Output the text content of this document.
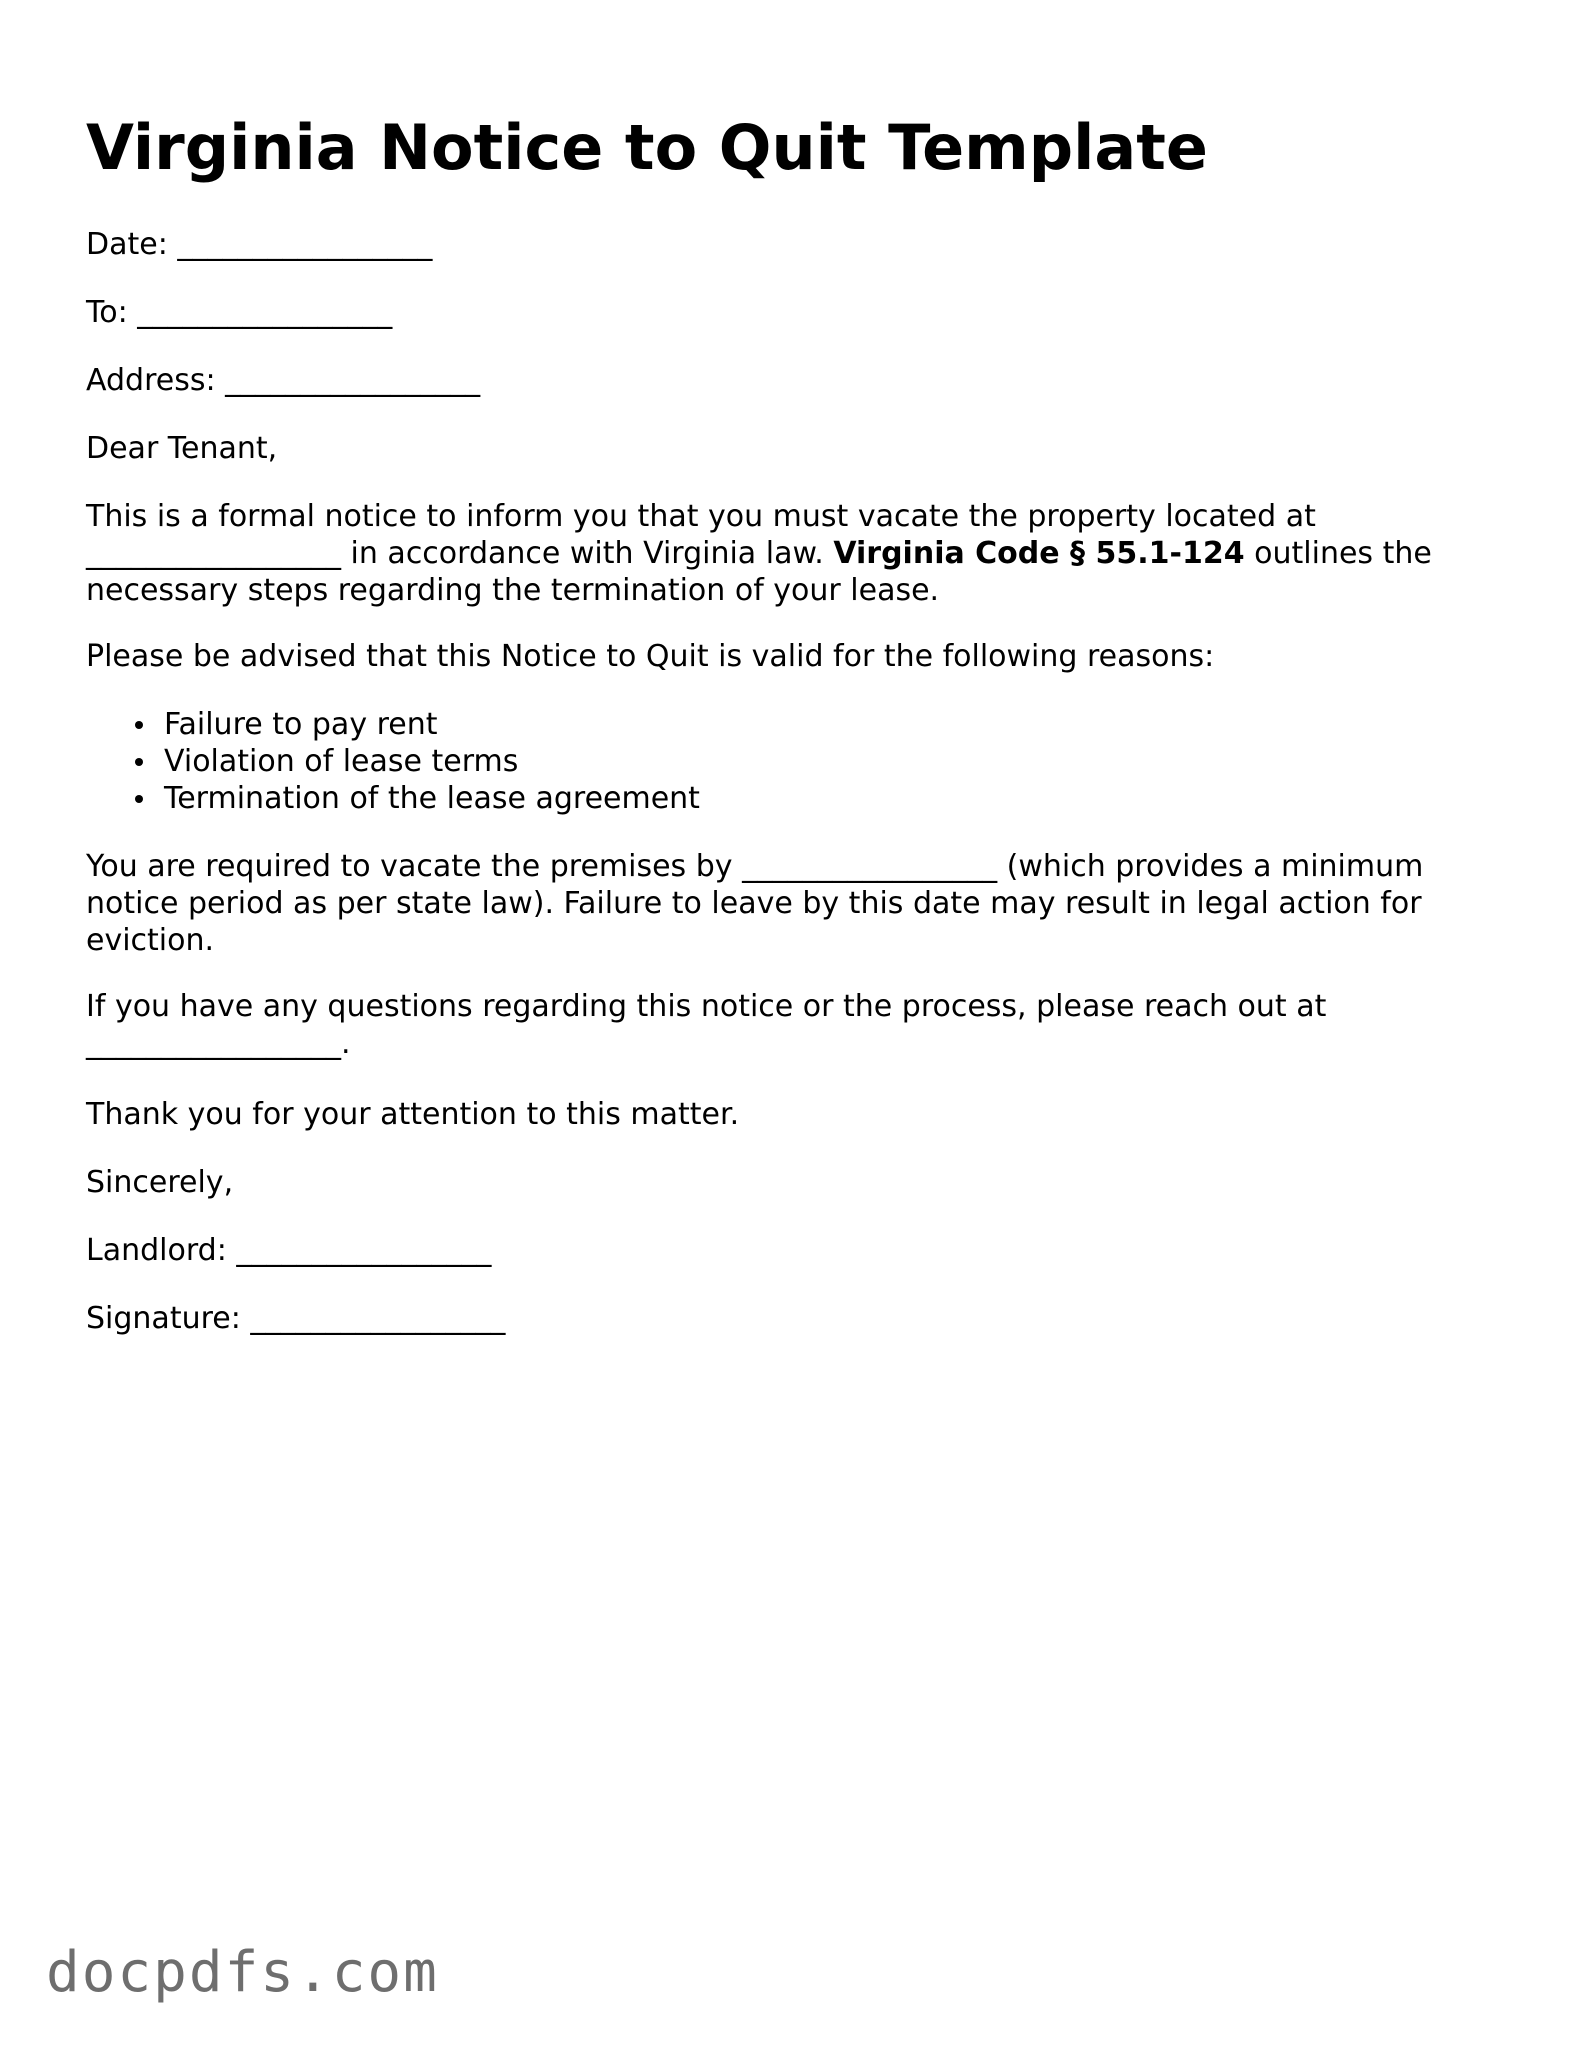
Virginia Notice to Quit Template

Date: _________________

To: _________________

Address: _________________

Dear Tenant,

This is a formal notice to inform you that you must vacate the property located at
_________________ in accordance with Virginia law. Virginia Code § 55.1-124 outlines the necessary steps regarding the termination of your lease.

Please be advised that this Notice to Quit is valid for the following reasons:

Failure to pay rent
Violation of lease terms
Termination of the lease agreement

You are required to vacate the premises by _________________ (which provides a minimum notice period as per state law). Failure to leave by this date may result in legal action for eviction.

If you have any questions regarding this notice or the process, please reach out at
_________________.

Thank you for your attention to this matter.

Sincerely,

Landlord: _________________

Signature: _________________

docpdfs.com
